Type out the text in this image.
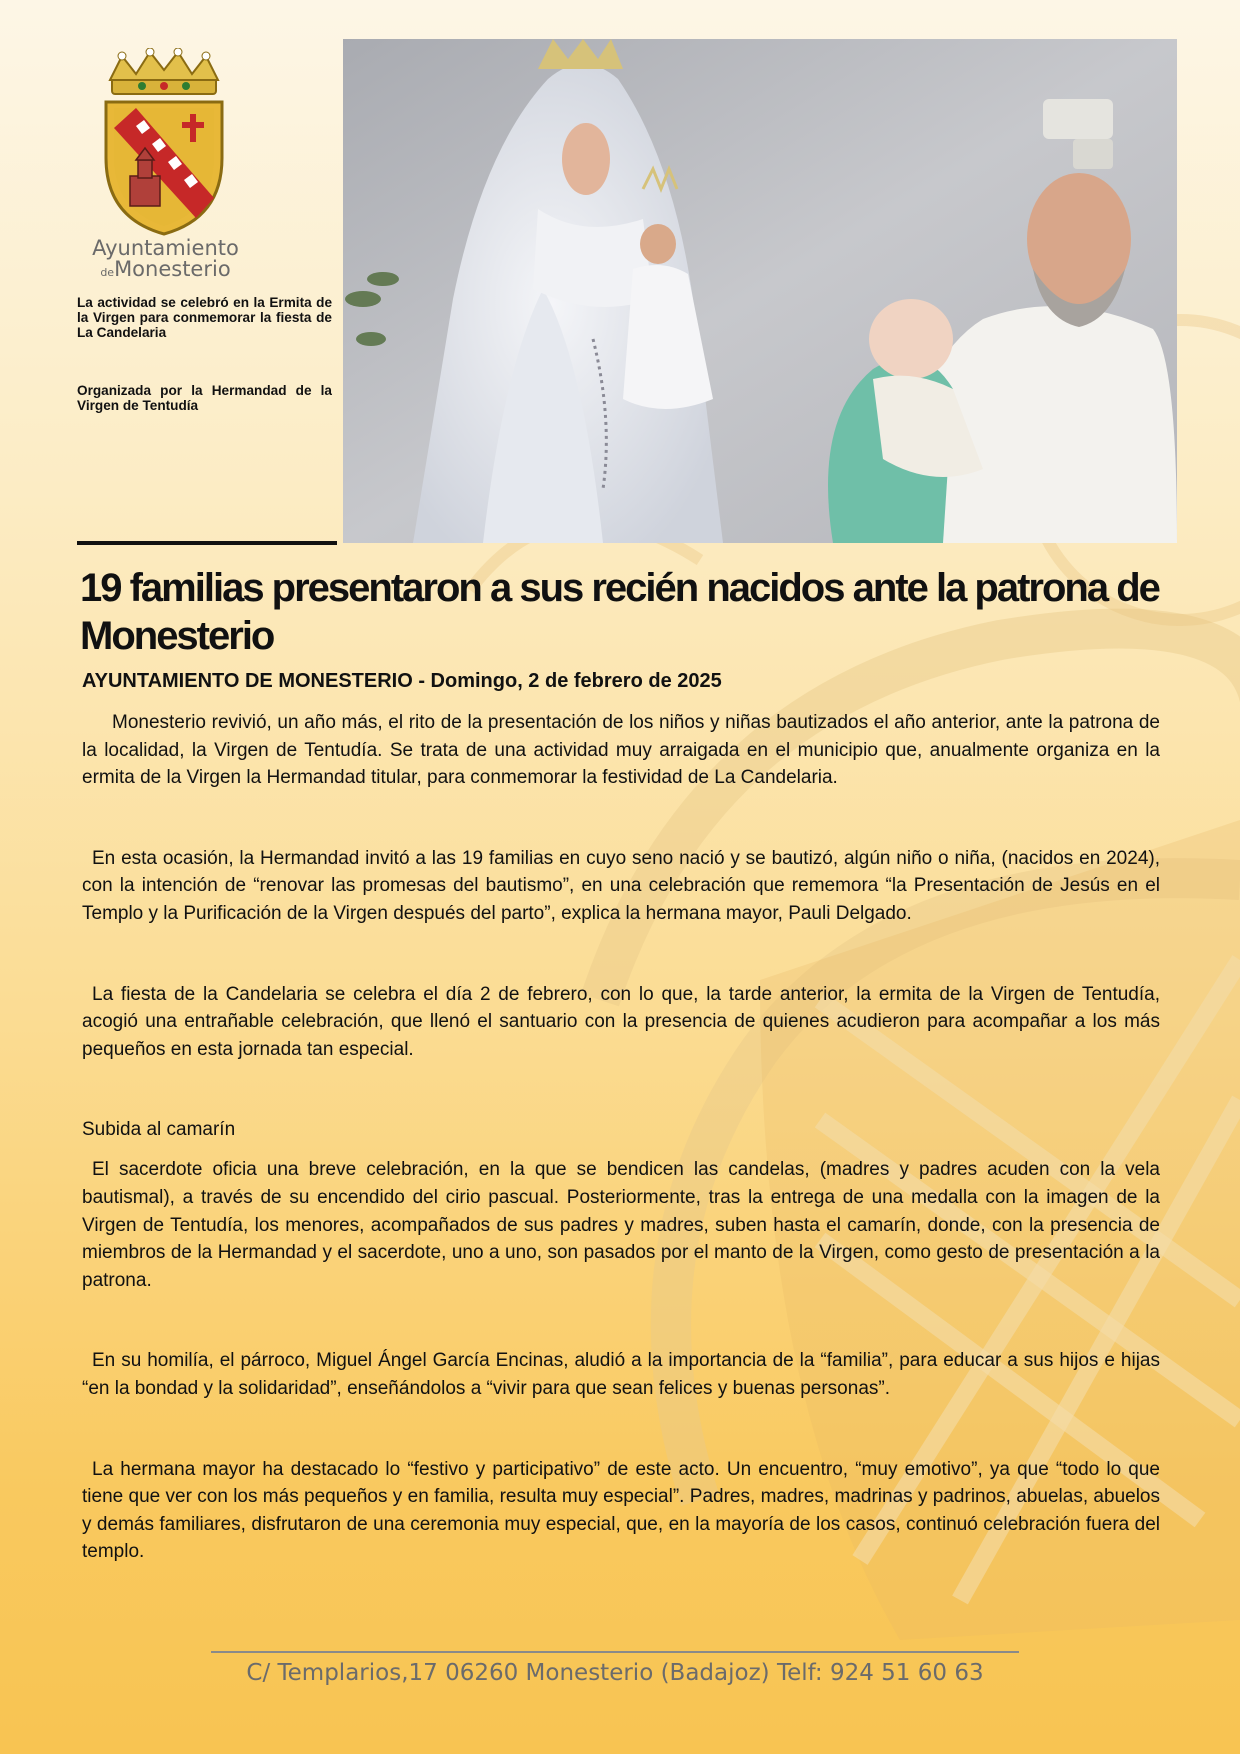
Ayuntamiento
deMonesterio

La actividad se celebró en la Ermita de la Virgen para conmemorar la fiesta de La Candelaria

Organizada por la Hermandad de la Virgen de Tentudía

19 familias presentaron a sus recién nacidos ante la patrona de Monesterio

AYUNTAMIENTO DE MONESTERIO - Domingo, 2 de febrero de 2025

Monesterio revivió, un año más, el rito de la presentación de los niños y niñas bautizados el año anterior, ante la patrona de la localidad, la Virgen de Tentudía. Se trata de una actividad muy arraigada en el municipio que, anualmente organiza en la ermita de la Virgen la Hermandad titular, para conmemorar la festividad de La Candelaria.

En esta ocasión, la Hermandad invitó a las 19 familias en cuyo seno nació y se bautizó, algún niño o niña, (nacidos en 2024), con la intención de “renovar las promesas del bautismo”, en una celebración que rememora “la Presentación de Jesús en el Templo y la Purificación de la Virgen después del parto”, explica la hermana mayor, Pauli Delgado.

La fiesta de la Candelaria se celebra el día 2 de febrero, con lo que, la tarde anterior, la ermita de la Virgen de Tentudía, acogió una entrañable celebración, que llenó el santuario con la presencia de quienes acudieron para acompañar a los más pequeños en esta jornada tan especial.

Subida al camarín

El sacerdote oficia una breve celebración, en la que se bendicen las candelas, (madres y padres acuden con la vela bautismal), a través de su encendido del cirio pascual. Posteriormente, tras la entrega de una medalla con la imagen de la Virgen de Tentudía, los menores, acompañados de sus padres y madres, suben hasta el camarín, donde, con la presencia de miembros de la Hermandad y el sacerdote, uno a uno, son pasados por el manto de la Virgen, como gesto de presentación a la patrona.

En su homilía, el párroco, Miguel Ángel García Encinas, aludió a la importancia de la “familia”, para educar a sus hijos e hijas “en la bondad y la solidaridad”, enseñándolos a “vivir para que sean felices y buenas personas”.

La hermana mayor ha destacado lo “festivo y participativo” de este acto. Un encuentro, “muy emotivo”, ya que “todo lo que tiene que ver con los más pequeños y en familia, resulta muy especial”. Padres, madres, madrinas y padrinos, abuelas, abuelos y demás familiares, disfrutaron de una ceremonia muy especial, que, en la mayoría de los casos, continuó celebración fuera del templo.

C/ Templarios,17 06260 Monesterio (Badajoz) Telf: 924 51 60 63
